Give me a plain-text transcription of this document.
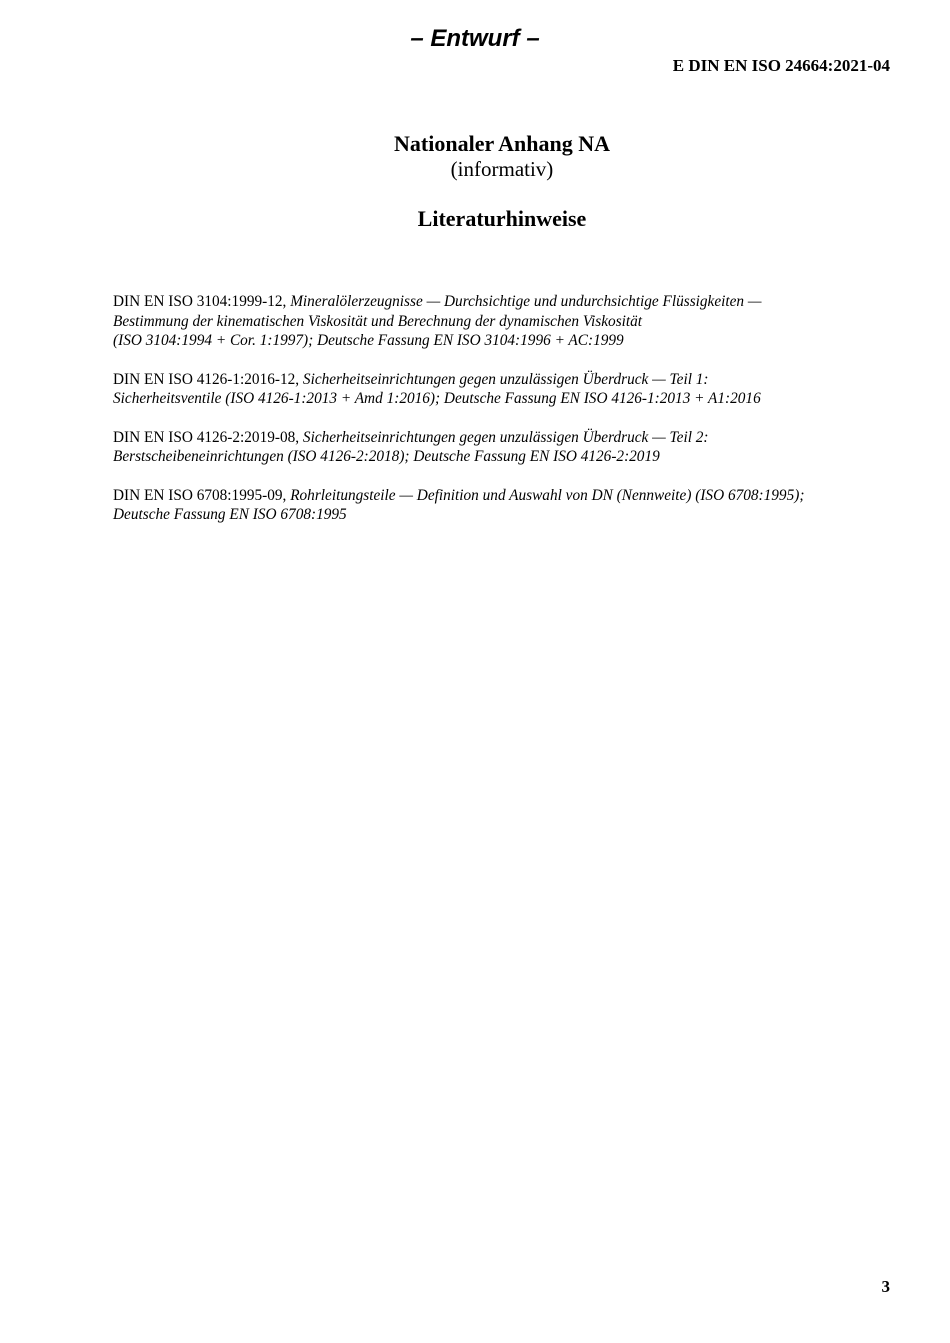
– Entwurf –

E DIN EN ISO 24664:2021-04

Nationaler Anhang NA

(informativ)

Literaturhinweise

DIN EN ISO 3104:1999-12, Mineralölerzeugnisse — Durchsichtige und undurchsichtige Flüssigkeiten —
Bestimmung der kinematischen Viskosität und Berechnung der dynamischen Viskosität
(ISO 3104:1994 + Cor. 1:1997); Deutsche Fassung EN ISO 3104:1996 + AC:1999
DIN EN ISO 4126-1:2016-12, Sicherheitseinrichtungen gegen unzulässigen Überdruck — Teil 1:
Sicherheitsventile (ISO 4126-1:2013 + Amd 1:2016); Deutsche Fassung EN ISO 4126-1:2013 + A1:2016
DIN EN ISO 4126-2:2019-08, Sicherheitseinrichtungen gegen unzulässigen Überdruck — Teil 2:
Berstscheibeneinrichtungen (ISO 4126-2:2018); Deutsche Fassung EN ISO 4126-2:2019
DIN EN ISO 6708:1995-09, Rohrleitungsteile — Definition und Auswahl von DN (Nennweite) (ISO 6708:1995);
Deutsche Fassung EN ISO 6708:1995

3
